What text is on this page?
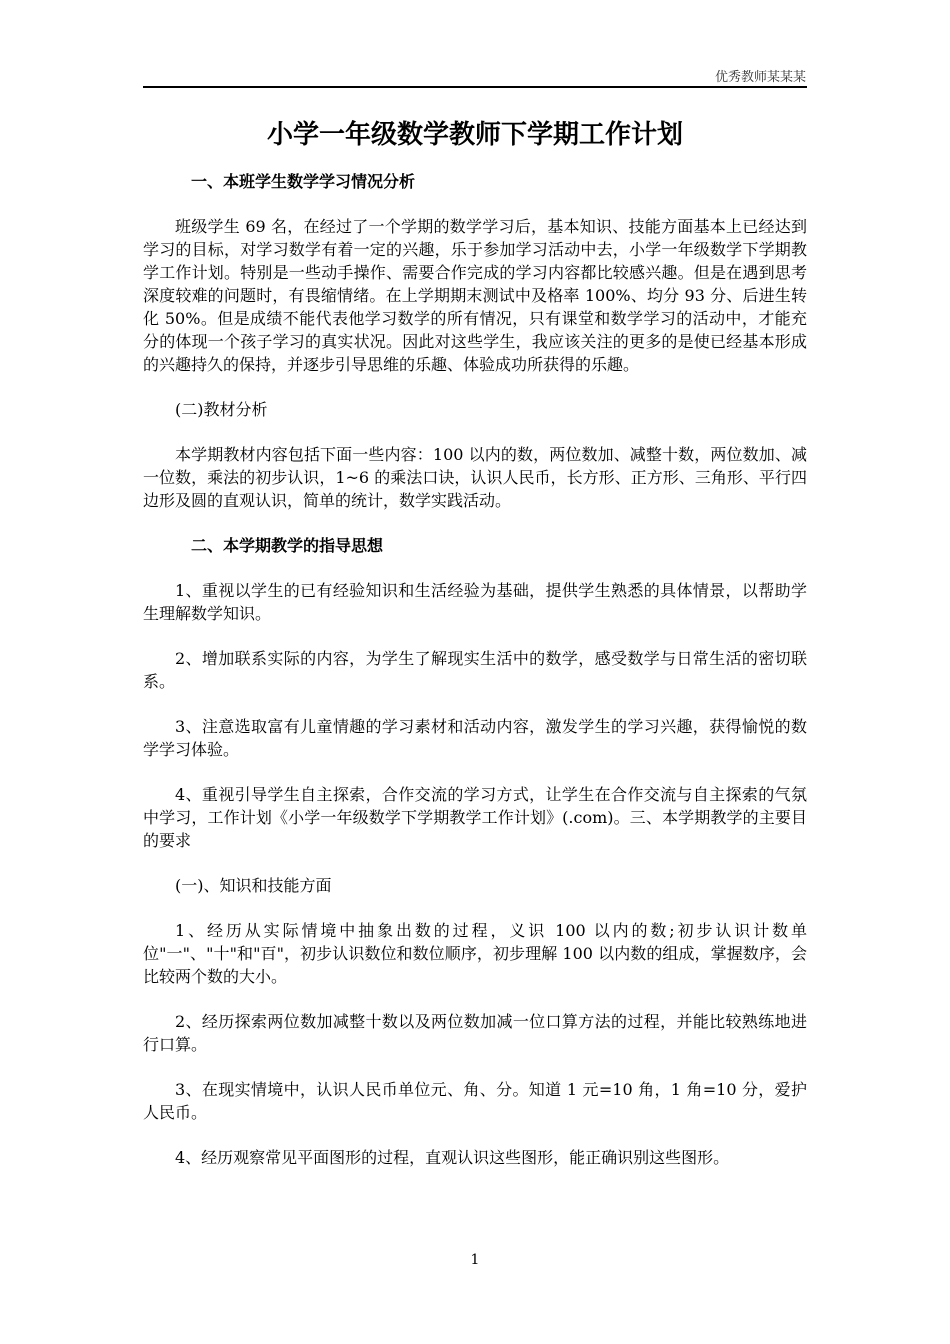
优秀教师某某某
小学一年级数学教师下学期工作计划
一、本班学生数学学习情况分析

班级学生 69 名，在经过了一个学期的数学学习后，基本知识、技能方面基本上已经达到学习的目标，对学习数学有着一定的兴趣，乐于参加学习活动中去，小学一年级数学下学期教学工作计划。特别是一些动手操作、需要合作完成的学习内容都比较感兴趣。但是在遇到思考深度较难的问题时，有畏缩情绪。在上学期期末测试中及格率 100%、均分 93 分、后进生转化 50%。但是成绩不能代表他学习数学的所有情况，只有课堂和数学学习的活动中，才能充分的体现一个孩子学习的真实状况。因此对这些学生，我应该关注的更多的是使已经基本形成的兴趣持久的保持，并逐步引导思维的乐趣、体验成功所获得的乐趣。

(二)教材分析

本学期教材内容包括下面一些内容：100 以内的数，两位数加、减整十数，两位数加、减一位数，乘法的初步认识，1~6 的乘法口诀，认识人民币，长方形、正方形、三角形、平行四边形及圆的直观认识，简单的统计，数学实践活动。

二、本学期教学的指导思想

1、重视以学生的已有经验知识和生活经验为基础，提供学生熟悉的具体情景，以帮助学生理解数学知识。

2、增加联系实际的内容，为学生了解现实生活中的数学，感受数学与日常生活的密切联系。

3、注意选取富有儿童情趣的学习素材和活动内容，激发学生的学习兴趣，获得愉悦的数学学习体验。

4、重视引导学生自主探索，合作交流的学习方式，让学生在合作交流与自主探索的气氛中学习，工作计划《小学一年级数学下学期教学工作计划》(.com)。三、本学期教学的主要目的要求

(一)、知识和技能方面

1、经历从实际情境中抽象出数的过程，义识 100 以内的数;初步认识计数单位"一"、"十"和"百"，初步认识数位和数位顺序，初步理解 100 以内数的组成，掌握数序，会比较两个数的大小。

2、经历探索两位数加减整十数以及两位数加减一位口算方法的过程，并能比较熟练地进行口算。

3、在现实情境中，认识人民币单位元、角、分。知道 1 元=10 角，1 角=10 分，爱护人民币。

4、经历观察常见平面图形的过程，直观认识这些图形，能正确识别这些图形。

1
